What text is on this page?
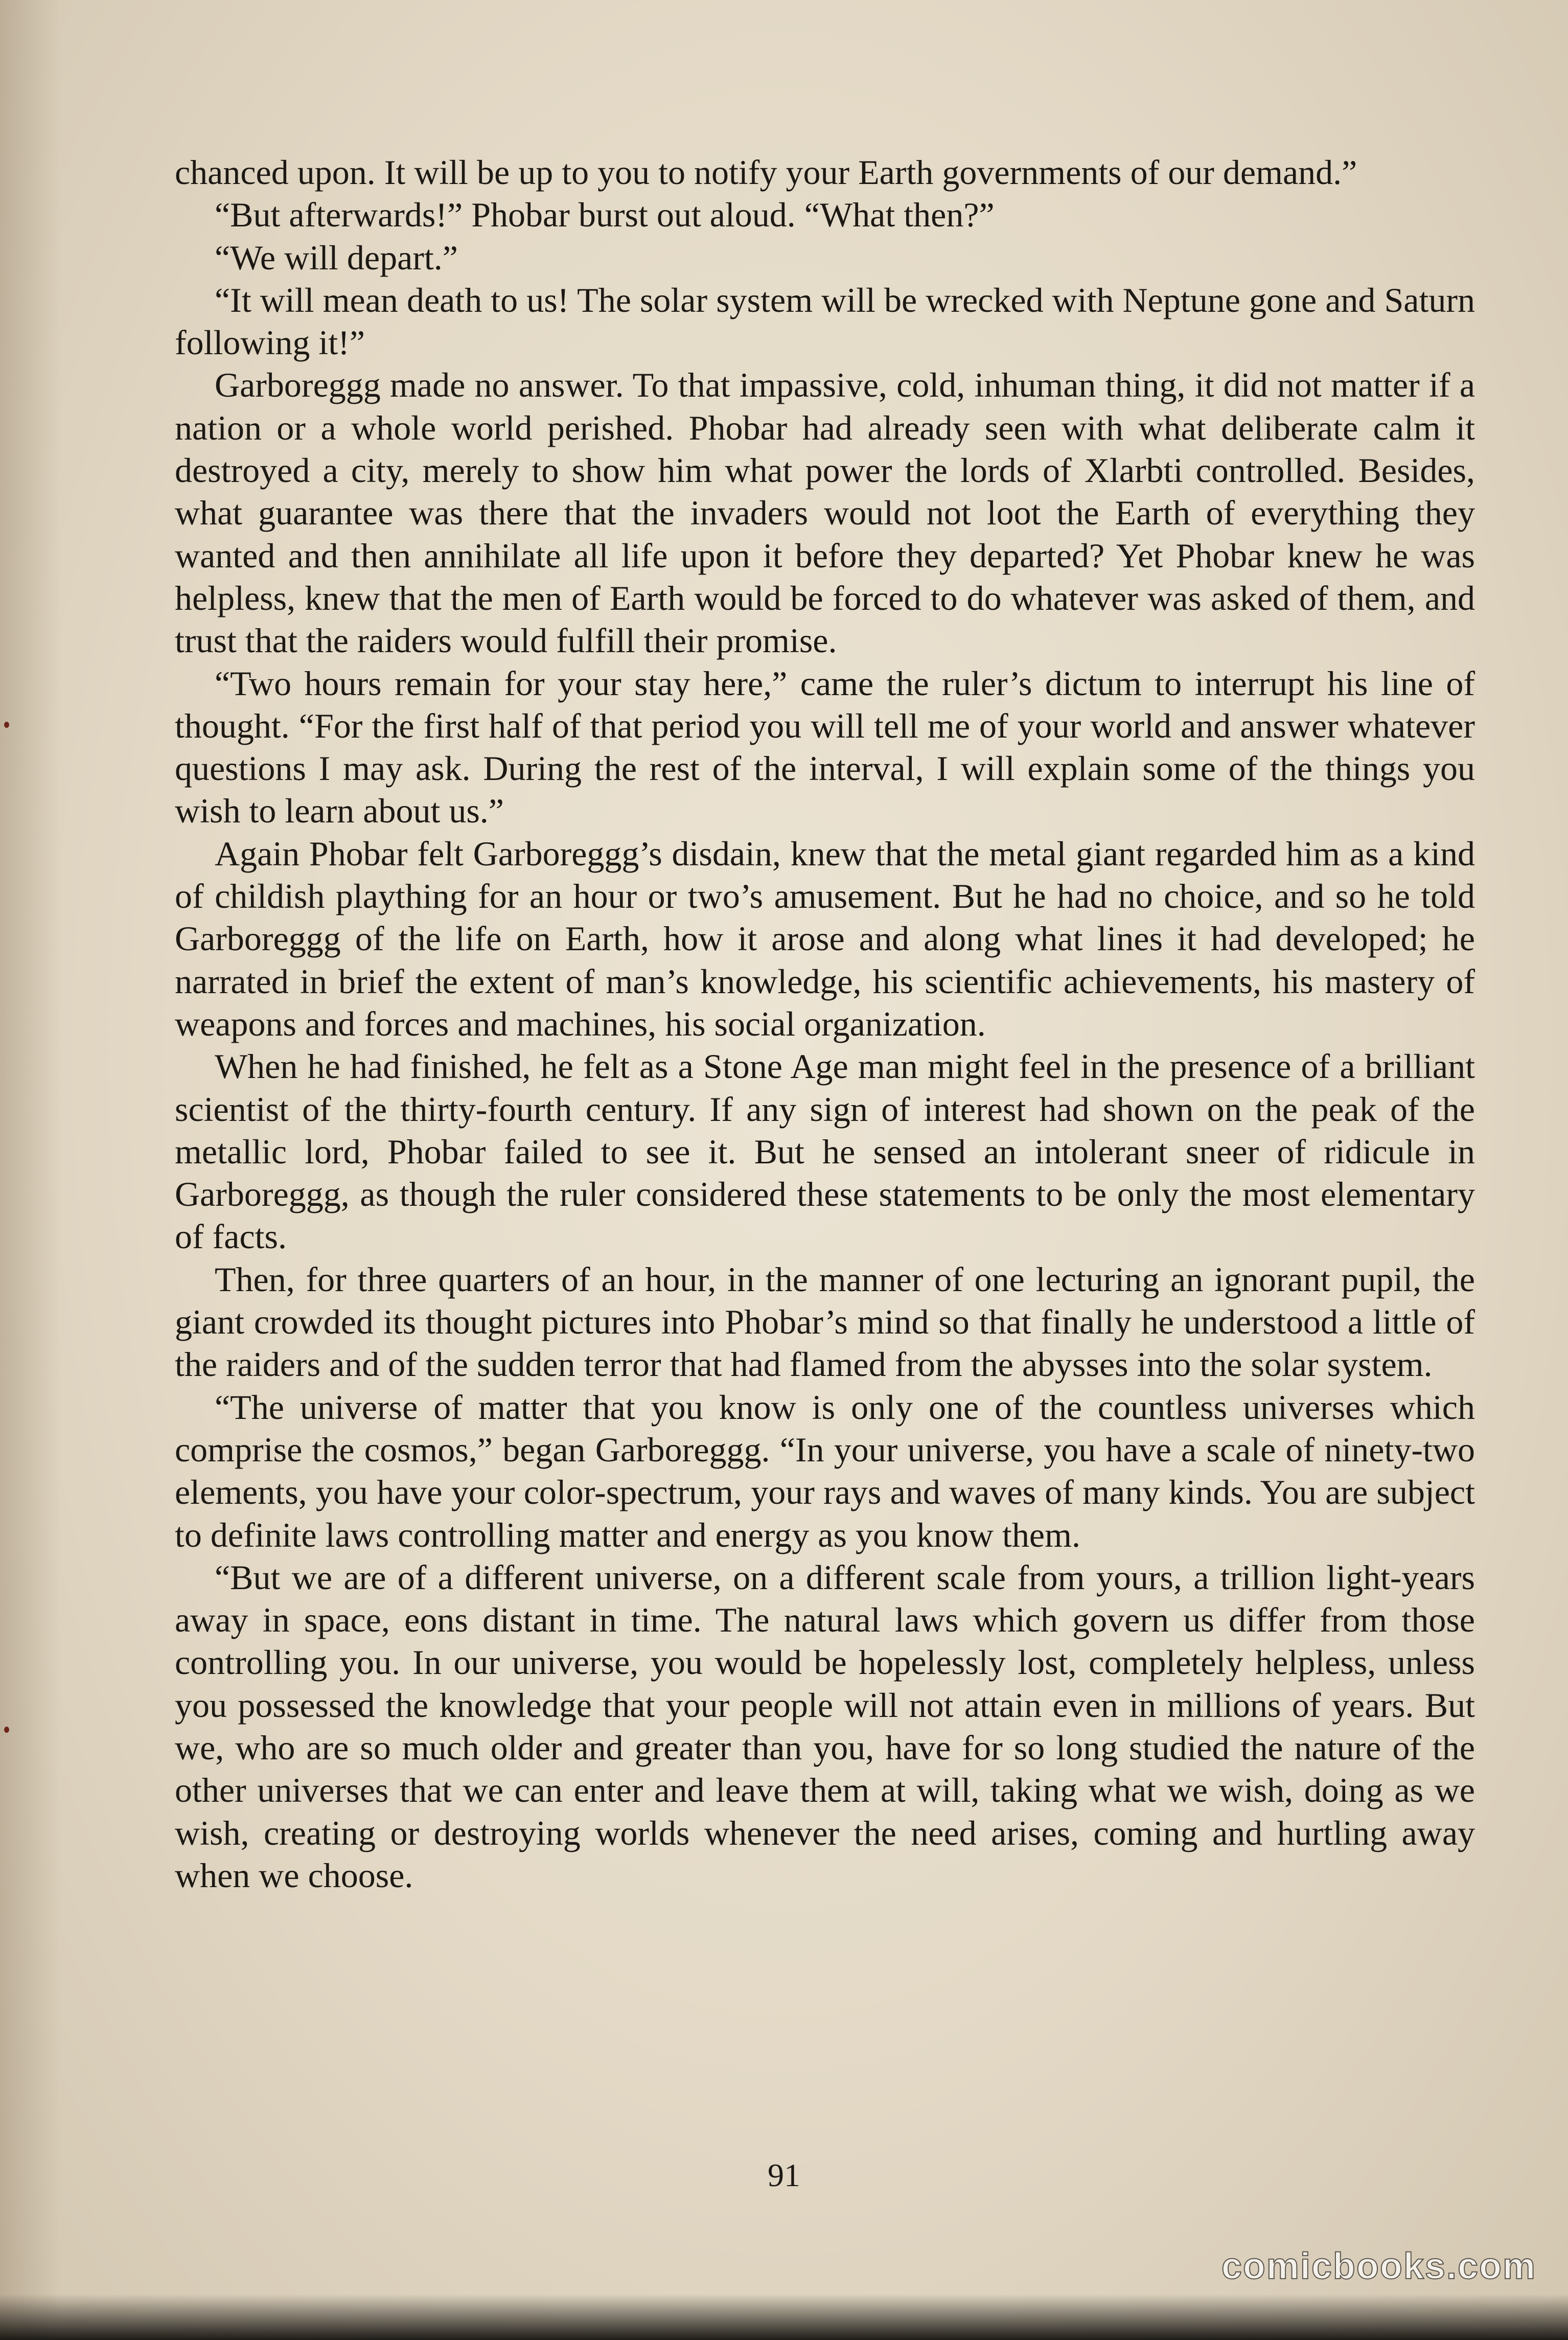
chanced upon. It will be up to you to notify your Earth governments of our demand.”

“But afterwards!” Phobar burst out aloud. “What then?”

“We will depart.”

“It will mean death to us! The solar system will be wrecked with Neptune gone and Saturn following it!”

Garboreggg made no answer. To that impassive, cold, inhuman thing, it did not matter if a nation or a whole world perished. Phobar had already seen with what deliberate calm it destroyed a city, merely to show him what power the lords of Xlarbti controlled. Besides, what guarantee was there that the invaders would not loot the Earth of everything they wanted and then annihilate all life upon it before they departed? Yet Phobar knew he was helpless, knew that the men of Earth would be forced to do whatever was asked of them, and trust that the raiders would fulfill their promise.

“Two hours remain for your stay here,” came the ruler’s dictum to interrupt his line of thought. “For the first half of that period you will tell me of your world and answer whatever questions I may ask. During the rest of the interval, I will explain some of the things you wish to learn about us.”

Again Phobar felt Garboreggg’s disdain, knew that the metal giant regarded him as a kind of childish plaything for an hour or two’s amusement. But he had no choice, and so he told Garboreggg of the life on Earth, how it arose and along what lines it had developed; he narrated in brief the extent of man’s knowledge, his scientific achievements, his mastery of weapons and forces and machines, his social organization.

When he had finished, he felt as a Stone Age man might feel in the presence of a brilliant scientist of the thirty-fourth century. If any sign of interest had shown on the peak of the metallic lord, Phobar failed to see it. But he sensed an intolerant sneer of ridicule in Garboreggg, as though the ruler considered these statements to be only the most elementary of facts.

Then, for three quarters of an hour, in the manner of one lecturing an ignorant pupil, the giant crowded its thought pictures into Phobar’s mind so that finally he understood a little of the raiders and of the sudden terror that had flamed from the abysses into the solar system.

“The universe of matter that you know is only one of the countless universes which comprise the cosmos,” began Garboreggg. “In your universe, you have a scale of ninety-two elements, you have your color-spectrum, your rays and waves of many kinds. You are subject to definite laws controlling matter and energy as you know them.

“But we are of a different universe, on a different scale from yours, a trillion light-years away in space, eons distant in time. The natural laws which govern us differ from those controlling you. In our universe, you would be hopelessly lost, completely helpless, unless you possessed the knowledge that your people will not attain even in millions of years. But we, who are so much older and greater than you, have for so long studied the nature of the other universes that we can enter and leave them at will, taking what we wish, doing as we wish, creating or destroying worlds whenever the need arises, coming and hurtling away when we choose.

91
comicbooks.com
